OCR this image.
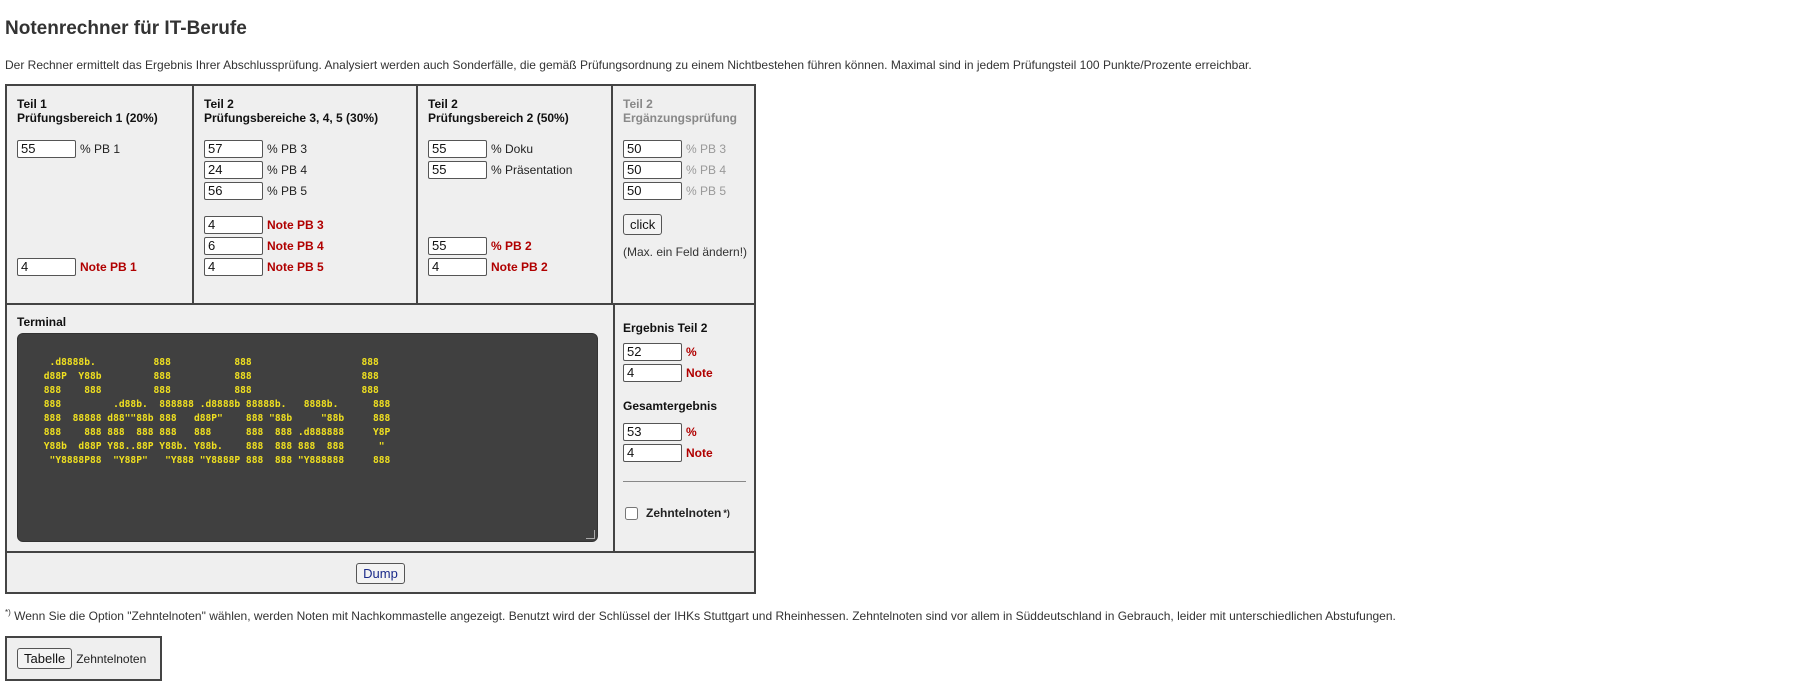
Notenrechner für IT-Berufe
Der Rechner ermittelt das Ergebnis Ihrer Abschlussprüfung. Analysiert werden auch Sonderfälle, die gemäß Prüfungsordnung zu einem Nichtbestehen führen können. Maximal sind in jedem Prüfungsteil 100 Punkte/Prozente erreichbar.
Teil 1
Prüfungsbereich 1 (20%)
55
% PB 1
4
Note PB 1
Teil 2
Prüfungsbereiche 3, 4, 5 (30%)
57
% PB 3
24
% PB 4
56
% PB 5
4
Note PB 3
6
Note PB 4
4
Note PB 5
Teil 2
Prüfungsbereich 2 (50%)
55
% Doku
55
% Präsentation
55
% PB 2
4
Note PB 2
Teil 2
Ergänzungsprüfung
50
% PB 3
50
% PB 4
50
% PB 5
click
(Max. ein Feld ändern!)
Terminal
.d8888b.          888           888                   888
d88P  Y88b         888           888                   888
888    888         888           888                   888
888         .d88b.  888888 .d8888b 88888b.   8888b.      888
888  88888 d88""88b 888   d88P"    888 "88b     "88b     888
888    888 888  888 888   888      888  888 .d888888     Y8P
Y88b  d88P Y88..88P Y88b. Y88b.    888  888 888  888      "
"Y8888P88  "Y88P"   "Y888 "Y8888P 888  888 "Y888888     888
Ergebnis Teil 2
52
%
4
Note
Gesamtergebnis
53
%
4
Note
Zehntelnoten *)
Dump
*) Wenn Sie die Option "Zehntelnoten" wählen, werden Noten mit Nachkommastelle angezeigt. Benutzt wird der Schlüssel der IHKs Stuttgart und Rheinhessen. Zehntelnoten sind vor allem in Süddeutschland in Gebrauch, leider mit unterschiedlichen Abstufungen.
Tabelle Zehntelnoten
